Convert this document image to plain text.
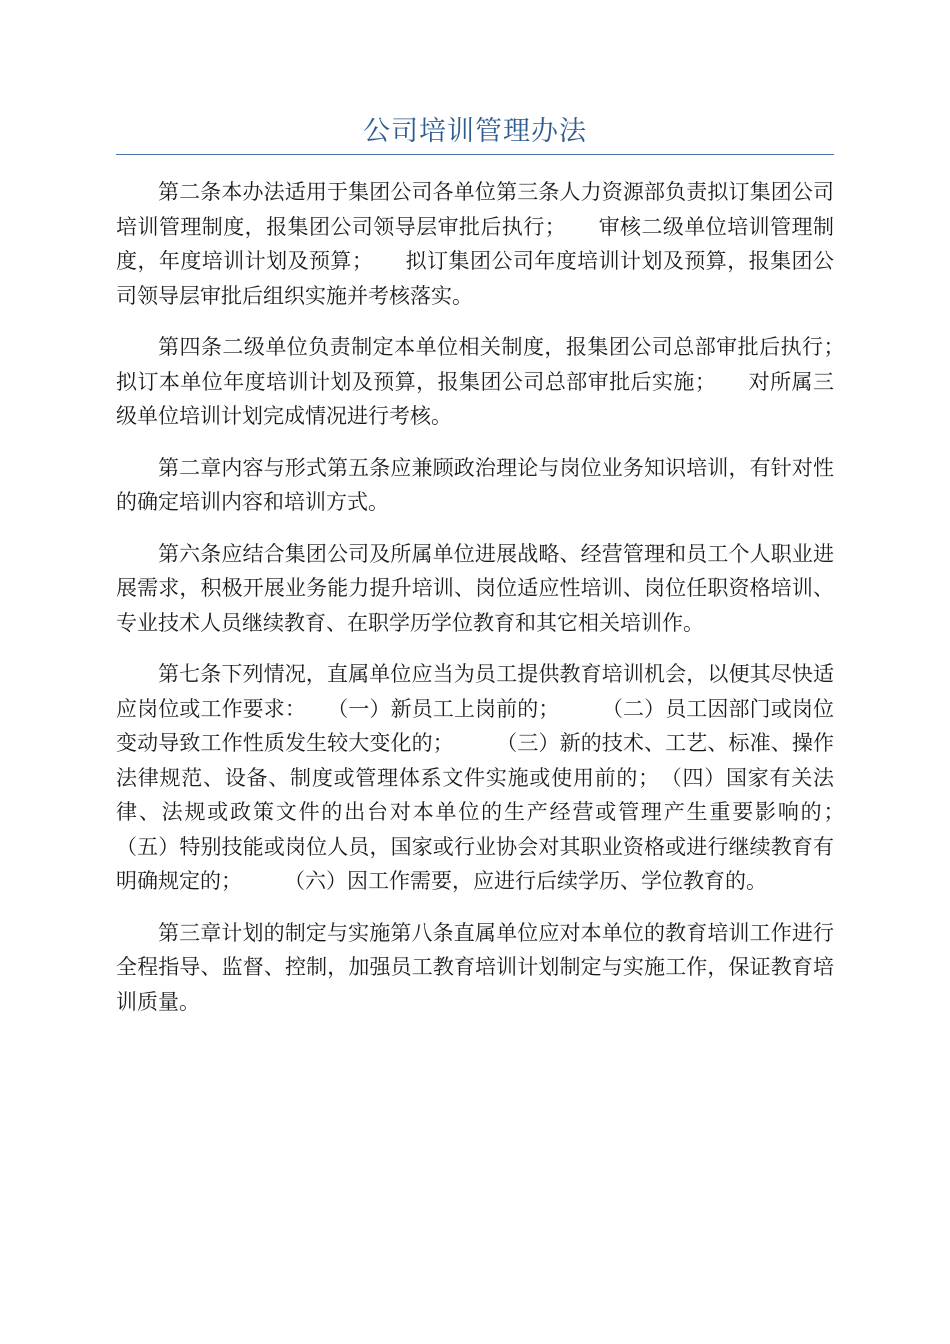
公司培训管理办法

第二条本办法适用于集团公司各单位第三条人力资源部负责拟订集团公司培训管理制度，报集团公司领导层审批后执行；　　审核二级单位培训管理制度，年度培训计划及预算；　　拟订集团公司年度培训计划及预算，报集团公司领导层审批后组织实施并考核落实。

第四条二级单位负责制定本单位相关制度，报集团公司总部审批后执行；　拟订本单位年度培训计划及预算，报集团公司总部审批后实施；　　对所属三级单位培训计划完成情况进行考核。

第二章内容与形式第五条应兼顾政治理论与岗位业务知识培训，有针对性的确定培训内容和培训方式。

第六条应结合集团公司及所属单位进展战略、经营管理和员工个人职业进展需求，积极开展业务能力提升培训、岗位适应性培训、岗位任职资格培训、专业技术人员继续教育、在职学历学位教育和其它相关培训作。

第七条下列情况，直属单位应当为员工提供教育培训机会，以便其尽快适应岗位或工作要求：　　（一）新员工上岗前的；　　　（二）员工因部门或岗位变动导致工作性质发生较大变化的；　　　（三）新的技术、工艺、标准、操作法律规范、设备、制度或管理体系文件实施或使用前的；　（四）国家有关法律、法规或政策文件的出台对本单位的生产经营或管理产生重要影响的；　　　（五）特别技能或岗位人员，国家或行业协会对其职业资格或进行继续教育有明确规定的；　　　（六）因工作需要，应进行后续学历、学位教育的。

第三章计划的制定与实施第八条直属单位应对本单位的教育培训工作进行全程指导、监督、控制，加强员工教育培训计划制定与实施工作，保证教育培训质量。
